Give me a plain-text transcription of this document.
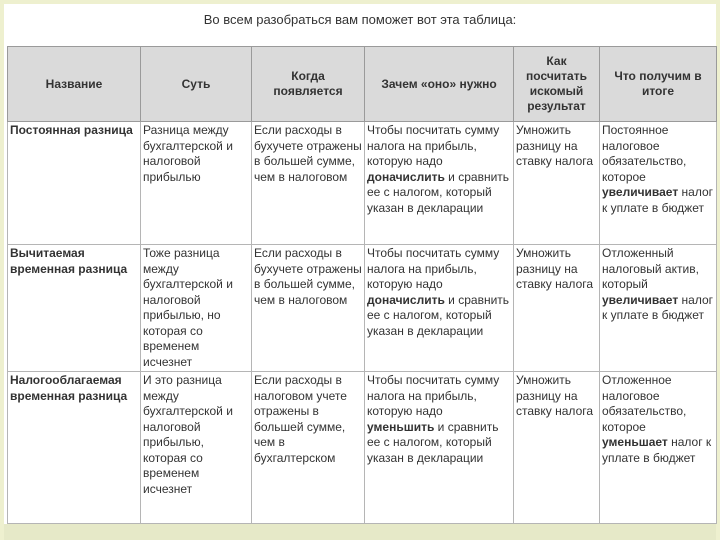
Во всем разобраться вам поможет вот эта таблица:
Название	Суть	Когда появляется	Зачем «оно» нужно	Как посчитать искомый результат	Что получим в итоге
Постоянная разница	Разница между бухгалтерской и налоговой прибылью	Если расходы в бухучете отражены в большей сумме, чем в налоговом	Чтобы посчитать сумму налога на прибыль, которую надо доначислить и сравнить ее с налогом, который указан в декларации	Умножить разницу на ставку налога	Постоянное налоговое обязательство, которое увеличивает налог к уплате в бюджет
Вычитаемая временная разница	Тоже разница между бухгалтерской и налоговой прибылью, но которая со временем исчезнет	Если расходы в бухучете отражены в большей сумме, чем в налоговом	Чтобы посчитать сумму налога на прибыль, которую надо доначислить и сравнить ее с налогом, который указан в декларации	Умножить разницу на ставку налога	Отложенный налоговый актив, который увеличивает налог к уплате в бюджет
Налогооблагаемая временная разница	И это разница между бухгалтерской и налоговой прибылью, которая со временем исчезнет	Если расходы в налоговом учете отражены в большей сумме, чем в бухгалтерском	Чтобы посчитать сумму налога на прибыль, которую надо уменьшить и сравнить ее с налогом, который указан в декларации	Умножить разницу на ставку налога	Отложенное налоговое обязательство, которое уменьшает налог к уплате в бюджет
